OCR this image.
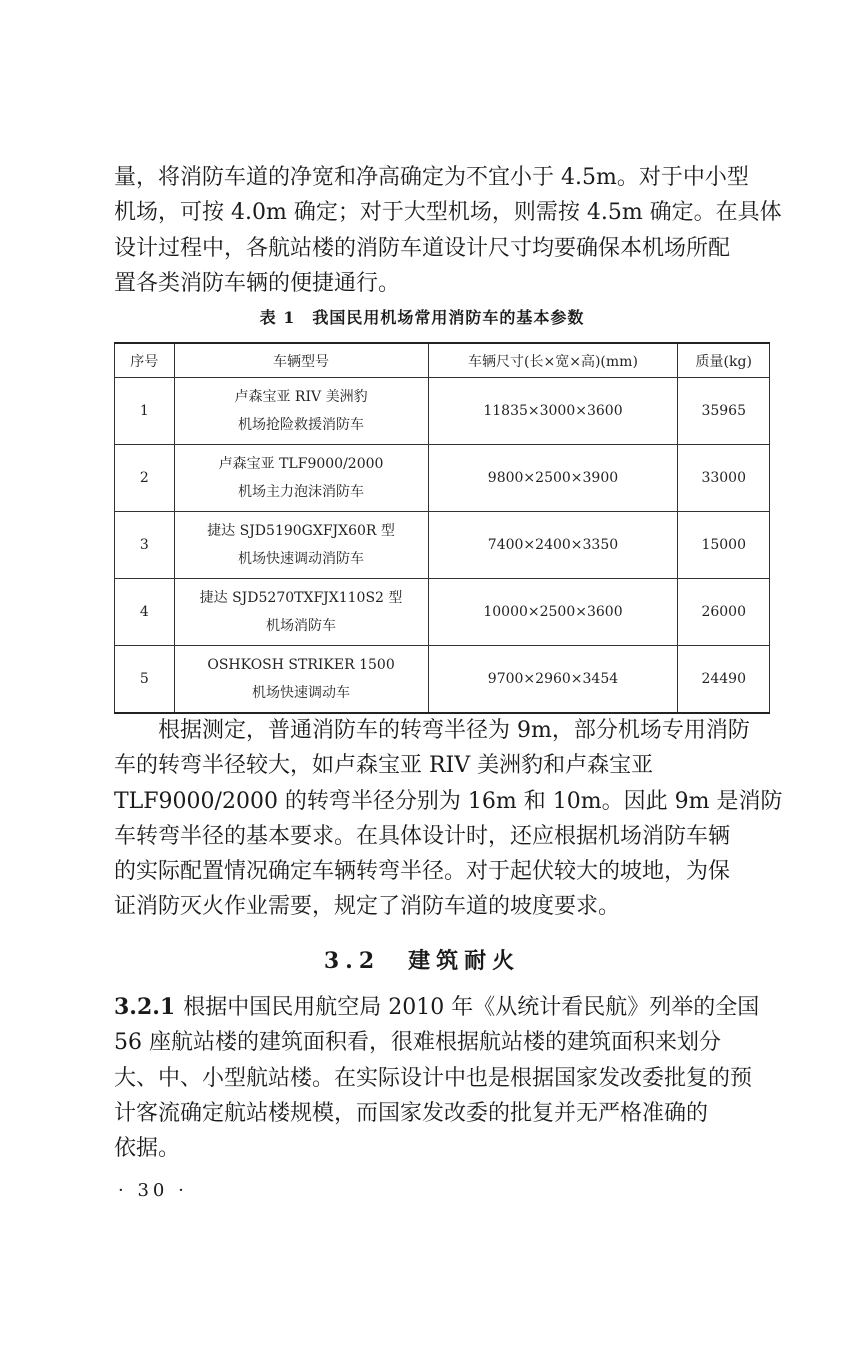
量，将消防车道的净宽和净高确定为不宜小于 4.5m。对于中小型
机场，可按 4.0m 确定；对于大型机场，则需按 4.5m 确定。在具体
设计过程中，各航站楼的消防车道设计尺寸均要确保本机场所配
置各类消防车辆的便捷通行。

表 1　我国民用机场常用消防车的基本参数
序号	车辆型号	车辆尺寸(长×宽×高)(mm)	质量(kg)
1	卢森宝亚 RIV 美洲豹
机场抢险救援消防车	11835×3000×3600	35965
2	卢森宝亚 TLF9000/2000
机场主力泡沫消防车	9800×2500×3900	33000
3	捷达 SJD5190GXFJX60R 型
机场快速调动消防车	7400×2400×3350	15000
4	捷达 SJD5270TXFJX110S2 型
机场消防车	10000×2500×3600	26000
5	OSHKOSH STRIKER 1500
机场快速调动车	9700×2960×3454	24490

　　根据测定，普通消防车的转弯半径为 9m，部分机场专用消防
车的转弯半径较大，如卢森宝亚 RIV 美洲豹和卢森宝亚
TLF9000/2000 的转弯半径分别为 16m 和 10m。因此 9m 是消防
车转弯半径的基本要求。在具体设计时，还应根据机场消防车辆
的实际配置情况确定车辆转弯半径。对于起伏较大的坡地，为保
证消防灭火作业需要，规定了消防车道的坡度要求。

3.2　建筑耐火

3.2.1 根据中国民用航空局 2010 年《从统计看民航》列举的全国
56 座航站楼的建筑面积看，很难根据航站楼的建筑面积来划分
大、中、小型航站楼。在实际设计中也是根据国家发改委批复的预
计客流确定航站楼规模，而国家发改委的批复并无严格准确的
依据。

· 30 ·
